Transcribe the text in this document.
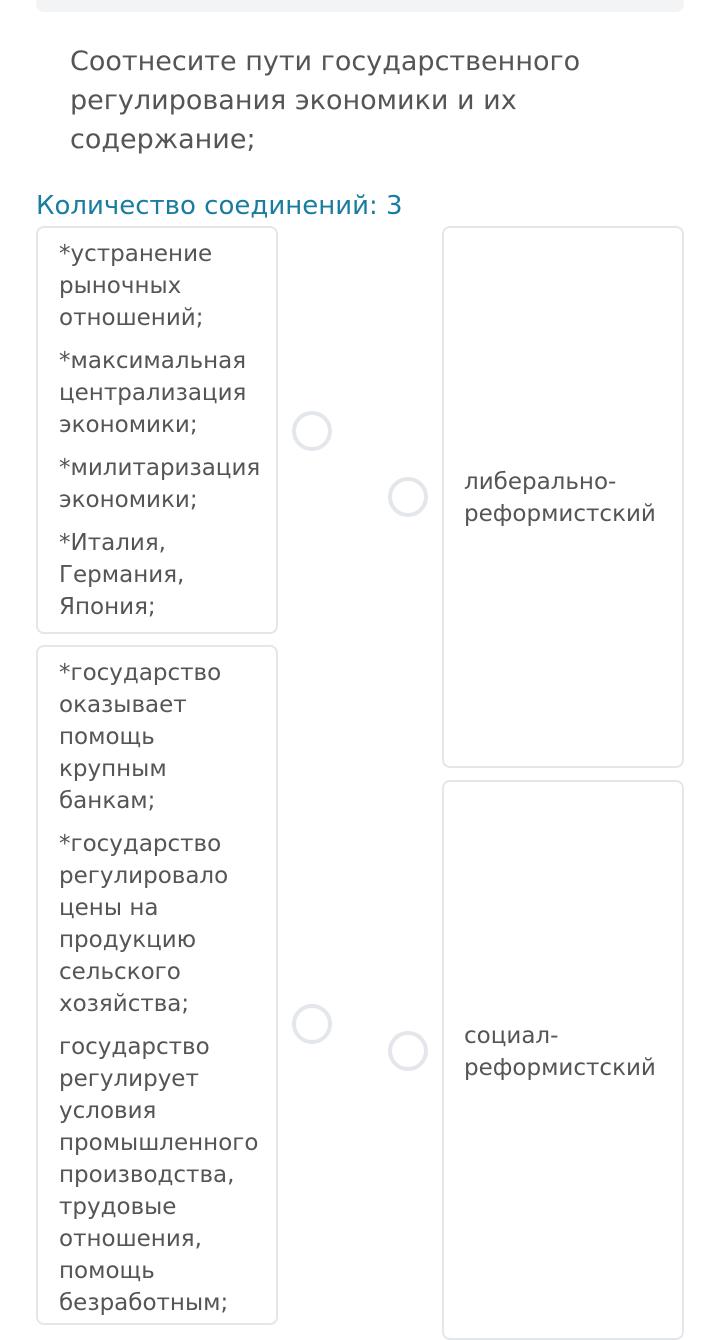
Соотнесите пути государственного регулирования экономики и их содержание;
Количество соединений: 3
*устранение рыночных отношений;
*максимальная централизация экономики;
*милитаризация экономики;
*Италия, Германия, Япония;
*государство оказывает помощь крупным банкам;
*государство регулировало цены на продукцию сельского хозяйства;
государство регулирует условия промышленного производства, трудовые отношения, помощь безработным;
либерально-реформистский
социал-реформистский
